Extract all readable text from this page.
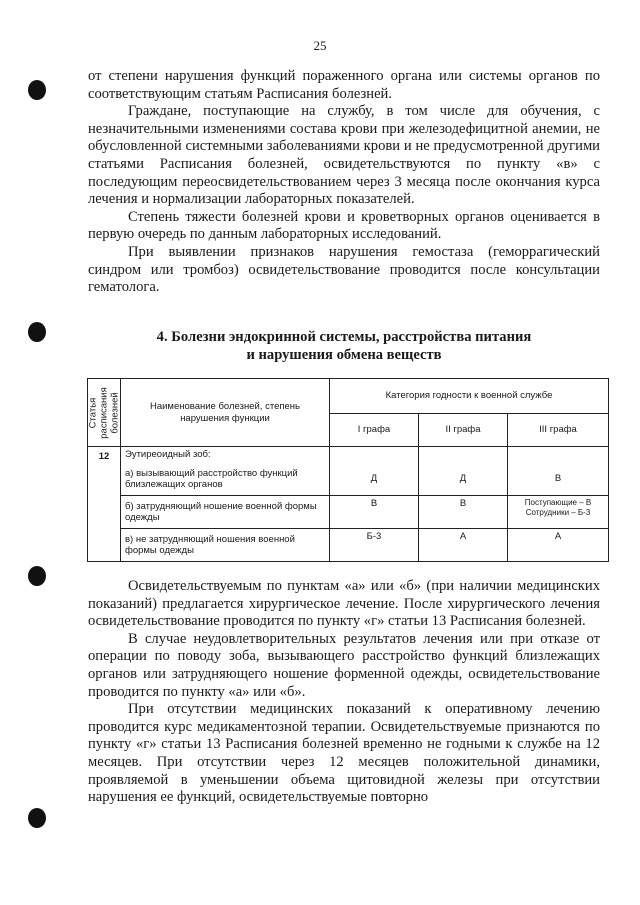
25

от степени нарушения функций пораженного органа или системы органов по соответствующим статьям Расписания болезней.

Граждане, поступающие на службу, в том числе для обучения, с незначительными изменениями состава крови при железодефицитной анемии, не обусловленной системными заболеваниями крови и не предусмотренной другими статьями Расписания болезней, освидетельствуются по пункту «в» с последующим переосвидетельствованием через 3 месяца после окончания курса лечения и нормализации лабораторных показателей.

Степень тяжести болезней крови и кроветворных органов оценивается в первую очередь по данным лабораторных исследований.

При выявлении признаков нарушения гемостаза (геморрагический синдром или тромбоз) освидетельствование проводится после консультации гематолога.

4. Болезни эндокринной системы, расстройства питания
и нарушения обмена веществ
Статья расписания болезней	Наименование болезней, степень нарушения функции	Категория годности к военной службе		
		I графа	II графа	III графа
12	Эутиреоидный зоб:			
	а) вызывающий расстройство функций близлежащих органов	Д	Д	В
	б) затрудняющий ношение военной формы одежды	В	В	Поступающие – В
Сотрудники – Б-3

	в) не затрудняющий ношения военной формы одежды	Б-3	А	А

Освидетельствуемым по пунктам «а» или «б» (при наличии медицинских показаний) предлагается хирургическое лечение. После хирургического лечения освидетельствование проводится по пункту «г» статьи 13 Расписания болезней.

В случае неудовлетворительных результатов лечения или при отказе от операции по поводу зоба, вызывающего расстройство функций близлежащих органов или затрудняющего ношение форменной одежды, освидетельствование проводится по пункту «а» или «б».

При отсутствии медицинских показаний к оперативному лечению проводится курс медикаментозной терапии. Освидетельствуемые признаются по пункту «г» статьи 13 Расписания болезней временно не годными к службе на 12 месяцев. При отсутствии через 12 месяцев положительной динамики, проявляемой в уменьшении объема щитовидной железы при отсутствии нарушения ее функций, освидетельствуемые повторно
